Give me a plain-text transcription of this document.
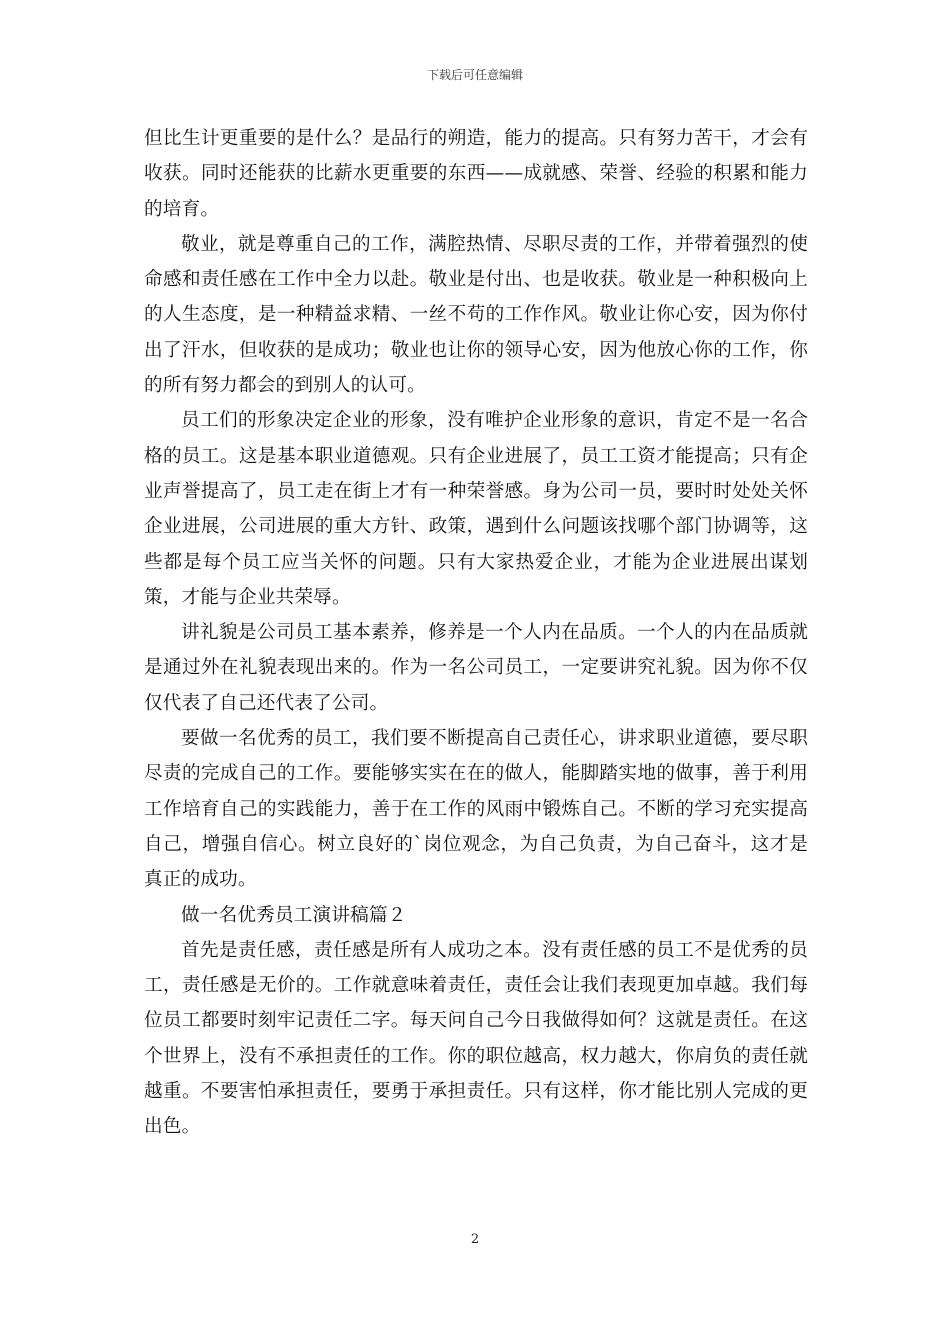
下载后可任意编辑

但比生计更重要的是什么？是品行的朔造，能力的提高。只有努力苦干，才会有收获。同时还能获的比薪水更重要的东西——成就感、荣誉、经验的积累和能力的培育。

敬业，就是尊重自己的工作，满腔热情、尽职尽责的工作，并带着强烈的使命感和责任感在工作中全力以赴。敬业是付出、也是收获。敬业是一种积极向上的人生态度，是一种精益求精、一丝不苟的工作作风。敬业让你心安，因为你付出了汗水，但收获的是成功；敬业也让你的领导心安，因为他放心你的工作，你的所有努力都会的到别人的认可。

员工们的形象决定企业的形象，没有唯护企业形象的意识，肯定不是一名合格的员工。这是基本职业道德观。只有企业进展了，员工工资才能提高；只有企业声誉提高了，员工走在街上才有一种荣誉感。身为公司一员，要时时处处关怀企业进展，公司进展的重大方针、政策，遇到什么问题该找哪个部门协调等，这些都是每个员工应当关怀的问题。只有大家热爱企业，才能为企业进展出谋划策，才能与企业共荣辱。

讲礼貌是公司员工基本素养，修养是一个人内在品质。一个人的内在品质就是通过外在礼貌表现出来的。作为一名公司员工，一定要讲究礼貌。因为你不仅仅代表了自己还代表了公司。

要做一名优秀的员工，我们要不断提高自己责任心，讲求职业道德，要尽职尽责的完成自己的工作。要能够实实在在的做人，能脚踏实地的做事，善于利用工作培育自己的实践能力，善于在工作的风雨中锻炼自己。不断的学习充实提高自己，增强自信心。树立良好的`岗位观念，为自己负责，为自己奋斗，这才是真正的成功。

做一名优秀员工演讲稿篇２

首先是责任感，责任感是所有人成功之本。没有责任感的员工不是优秀的员工，责任感是无价的。工作就意味着责任，责任会让我们表现更加卓越。我们每位员工都要时刻牢记责任二字。每天问自己今日我做得如何？这就是责任。在这个世界上，没有不承担责任的工作。你的职位越高，权力越大，你肩负的责任就越重。不要害怕承担责任，要勇于承担责任。只有这样，你才能比别人完成的更出色。

2
